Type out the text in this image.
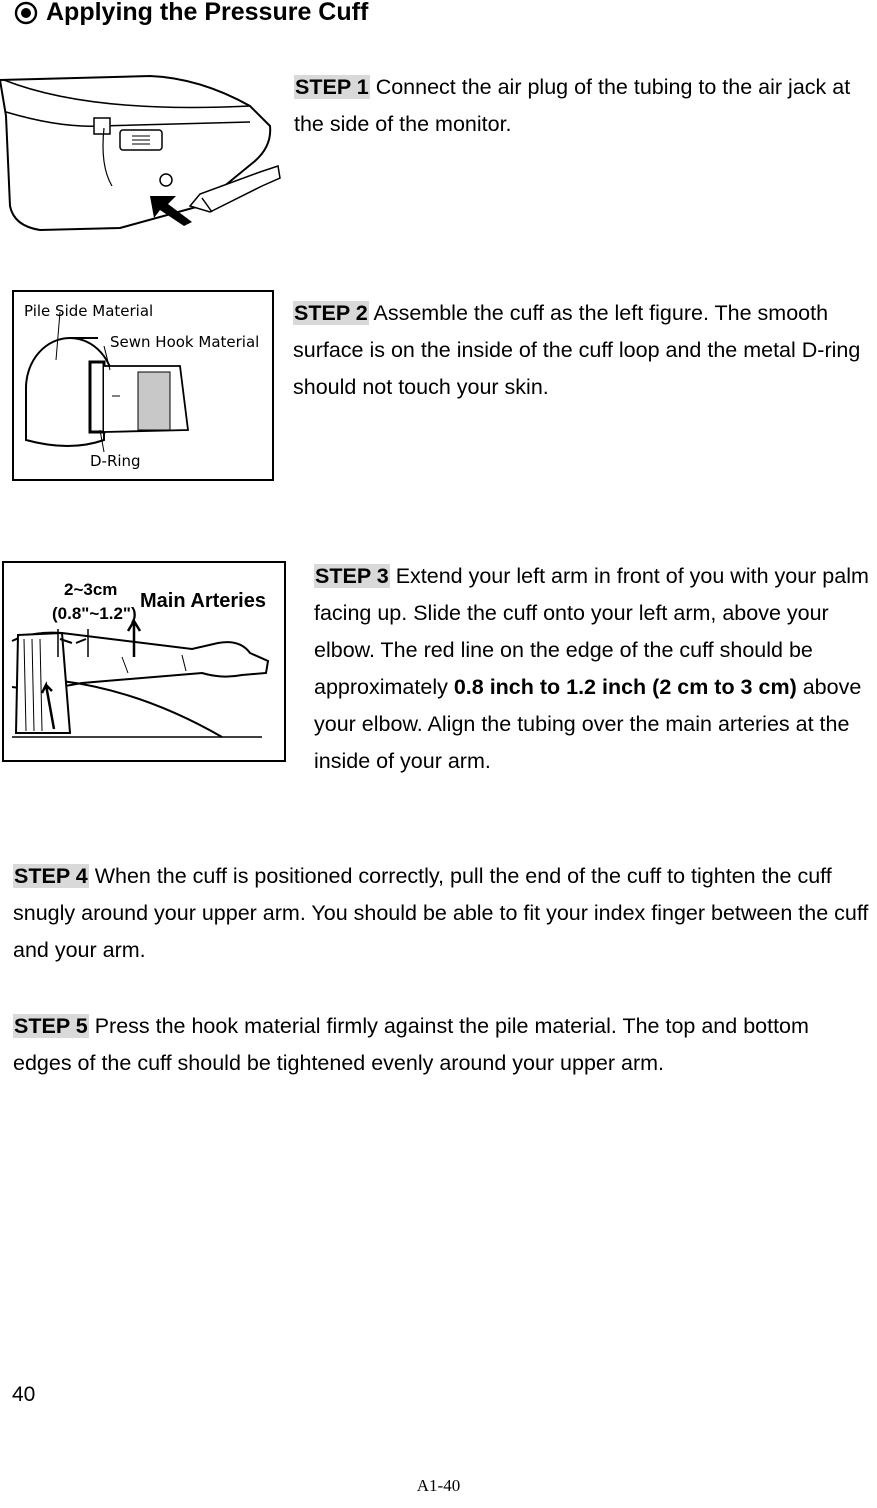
Applying the Pressure Cuff
STEP 1 Connect the air plug of the tubing to the air jack at the side of the monitor.
Pile Side Material
Sewn Hook Material
D-Ring
STEP 2 Assemble the cuff as the left figure. The smooth surface is on the inside of the cuff loop and the metal D-ring should not touch your skin.
2~3cm
(0.8"~1.2")
Main Arteries
STEP 3 Extend your left arm in front of you with your palm facing up. Slide the cuff onto your left arm, above your elbow. The red line on the edge of the cuff should be approximately 0.8 inch to 1.2 inch (2 cm to 3 cm) above your elbow. Align the tubing over the main arteries at the inside of your arm.
STEP 4 When the cuff is positioned correctly, pull the end of the cuff to tighten the cuff snugly around your upper arm. You should be able to fit your index finger between the cuff and your arm.
STEP 5 Press the hook material firmly against the pile material. The top and bottom edges of the cuff should be tightened evenly around your upper arm.
40
A1-40
